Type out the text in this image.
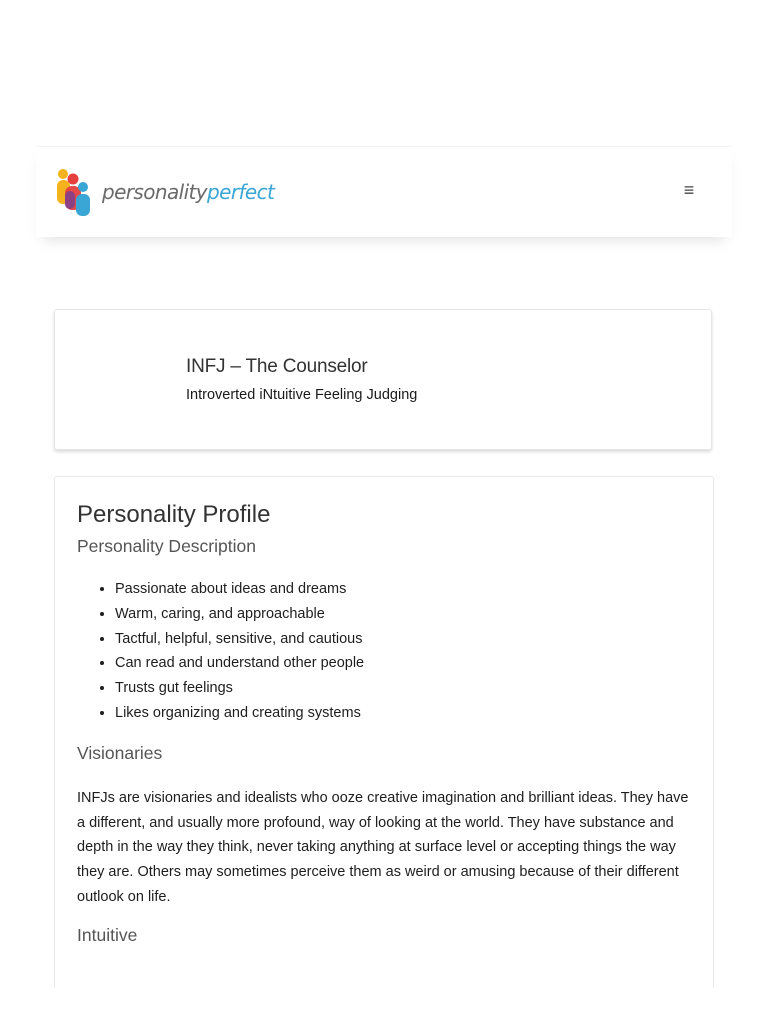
personalityperfect	≡
INFJ – The Counselor
Introverted iNtuitive Feeling Judging
Personality Profile
Personality Description
• Passionate about ideas and dreams
• Warm, caring, and approachable
• Tactful, helpful, sensitive, and cautious
• Can read and understand other people
• Trusts gut feelings
• Likes organizing and creating systems
Visionaries

INFJs are visionaries and idealists who ooze creative imagination and brilliant ideas. They have a different, and usually more profound, way of looking at the world. They have substance and depth in the way they think, never taking anything at surface level or accepting things the way they are. Others may sometimes perceive them as weird or amusing because of their different outlook on life.

Intuitive
